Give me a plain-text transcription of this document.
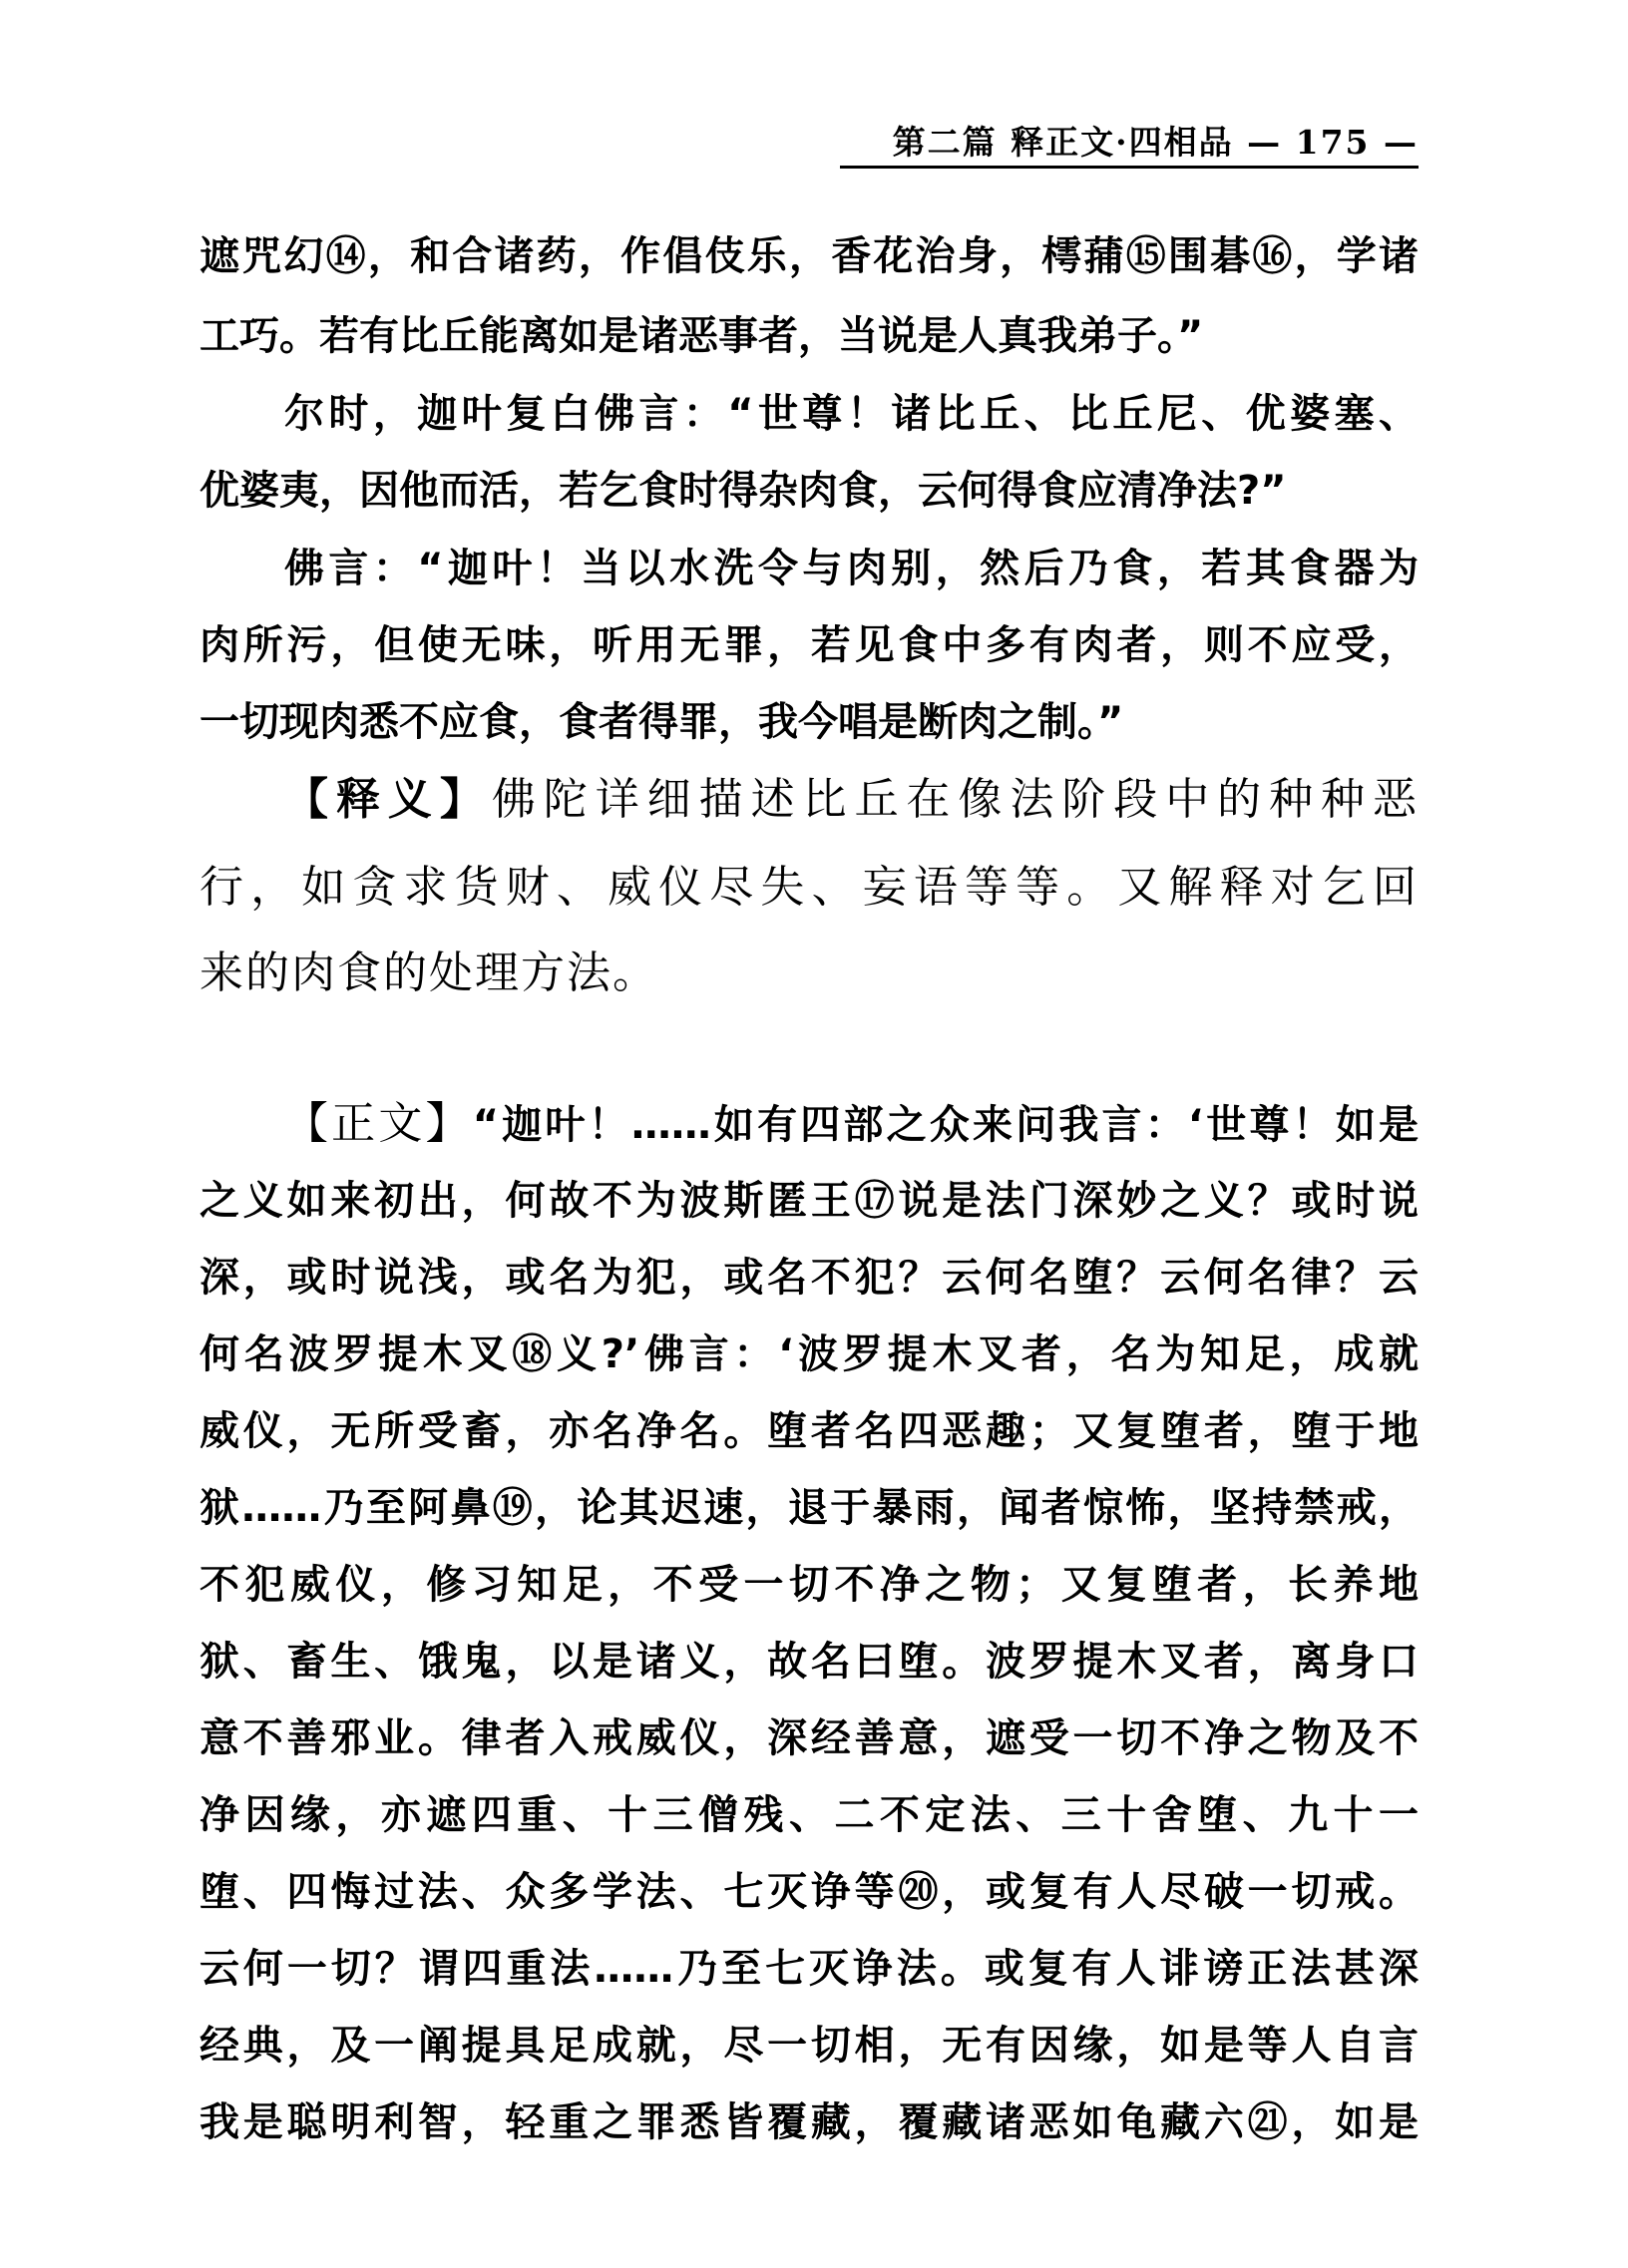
第二篇 释正文·四相品 — 175 —
遮咒幻⑭，和合诸药，作倡伎乐，香花治身，樗蒱⑮围碁⑯，学诸
工巧。若有比丘能离如是诸恶事者，当说是人真我弟子。”
尔时，迦叶复白佛言：“世尊！诸比丘、比丘尼、优婆塞、
优婆夷，因他而活，若乞食时得杂肉食，云何得食应清净法?”
佛言：“迦叶！当以水洗令与肉别，然后乃食，若其食器为
肉所污，但使无味，听用无罪，若见食中多有肉者，则不应受，
一切现肉悉不应食，食者得罪，我今唱是断肉之制。”
【释义】佛陀详细描述比丘在像法阶段中的种种恶
行，如贪求货财、威仪尽失、妄语等等。又解释对乞回
来的肉食的处理方法。
【正文】“迦叶！……如有四部之众来问我言：‘世尊！如是
之义如来初出，何故不为波斯匿王⑰说是法门深妙之义？或时说
深，或时说浅，或名为犯，或名不犯？云何名堕？云何名律？云
何名波罗提木叉⑱义?’佛言：‘波罗提木叉者，名为知足，成就
威仪，无所受畜，亦名净名。堕者名四恶趣；又复堕者，堕于地
狱……乃至阿鼻⑲，论其迟速，退于暴雨，闻者惊怖，坚持禁戒，
不犯威仪，修习知足，不受一切不净之物；又复堕者，长养地
狱、畜生、饿鬼，以是诸义，故名曰堕。波罗提木叉者，离身口
意不善邪业。律者入戒威仪，深经善意，遮受一切不净之物及不
净因缘，亦遮四重、十三僧残、二不定法、三十舍堕、九十一
堕、四悔过法、众多学法、七灭诤等⑳，或复有人尽破一切戒。
云何一切？谓四重法……乃至七灭诤法。或复有人诽谤正法甚深
经典，及一阐提具足成就，尽一切相，无有因缘，如是等人自言
我是聪明利智，轻重之罪悉皆覆藏，覆藏诸恶如龟藏六㉑，如是
